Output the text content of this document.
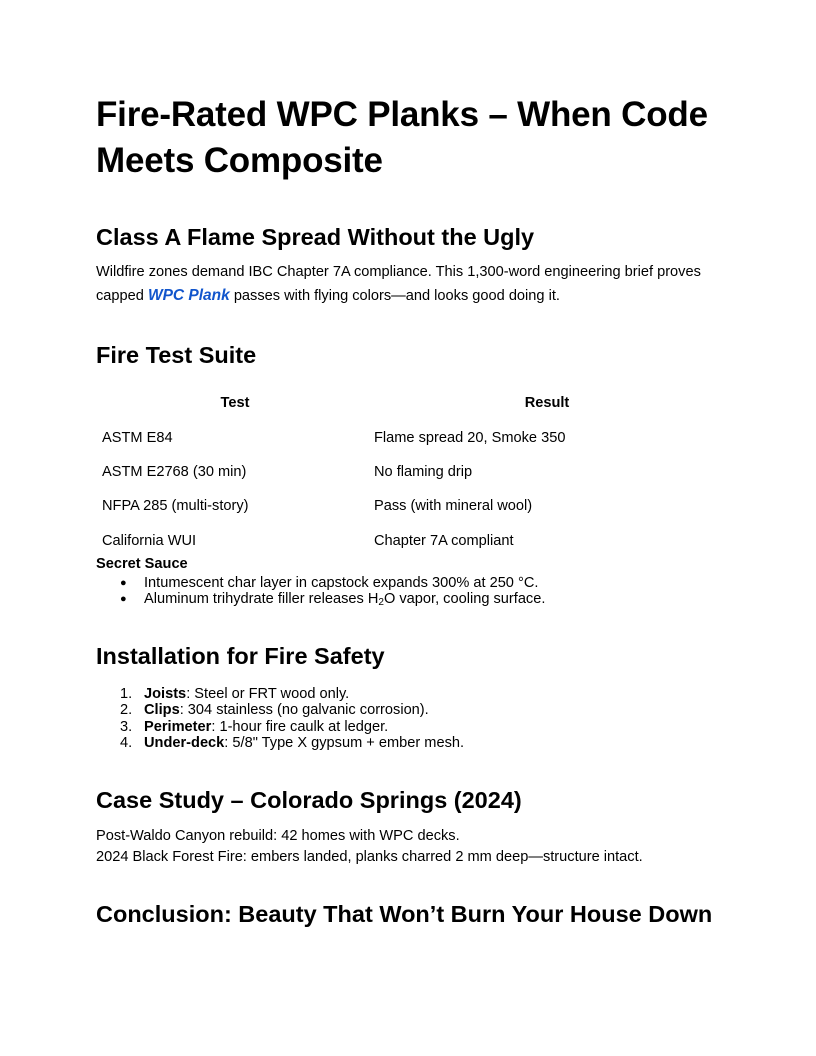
Fire-Rated WPC Planks – When Code Meets Composite
Class A Flame Spread Without the Ugly

Wildfire zones demand IBC Chapter 7A compliance. This 1,300-word engineering brief proves capped WPC Plank passes with flying colors—and looks good doing it.

Fire Test Suite
Test	Result
ASTM E84	Flame spread 20, Smoke 350
ASTM E2768 (30 min)	No flaming drip
NFPA 285 (multi-story)	Pass (with mineral wool)
California WUI	Chapter 7A compliant

Secret Sauce

● Intumescent char layer in capstock expands 300% at 250 °C.
● Aluminum trihydrate filler releases $H_2O$ vapor, cooling surface.
Installation for Fire Safety
Joists: Steel or FRT wood only.
Clips: 304 stainless (no galvanic corrosion).
Perimeter: 1-hour fire caulk at ledger.
Under-deck: 5/8" Type X gypsum + ember mesh.
Case Study – Colorado Springs (2024)

Post-Waldo Canyon rebuild: 42 homes with WPC decks.

2024 Black Forest Fire: embers landed, planks charred 2 mm deep—structure intact.

Conclusion: Beauty That Won’t Burn Your House Down
